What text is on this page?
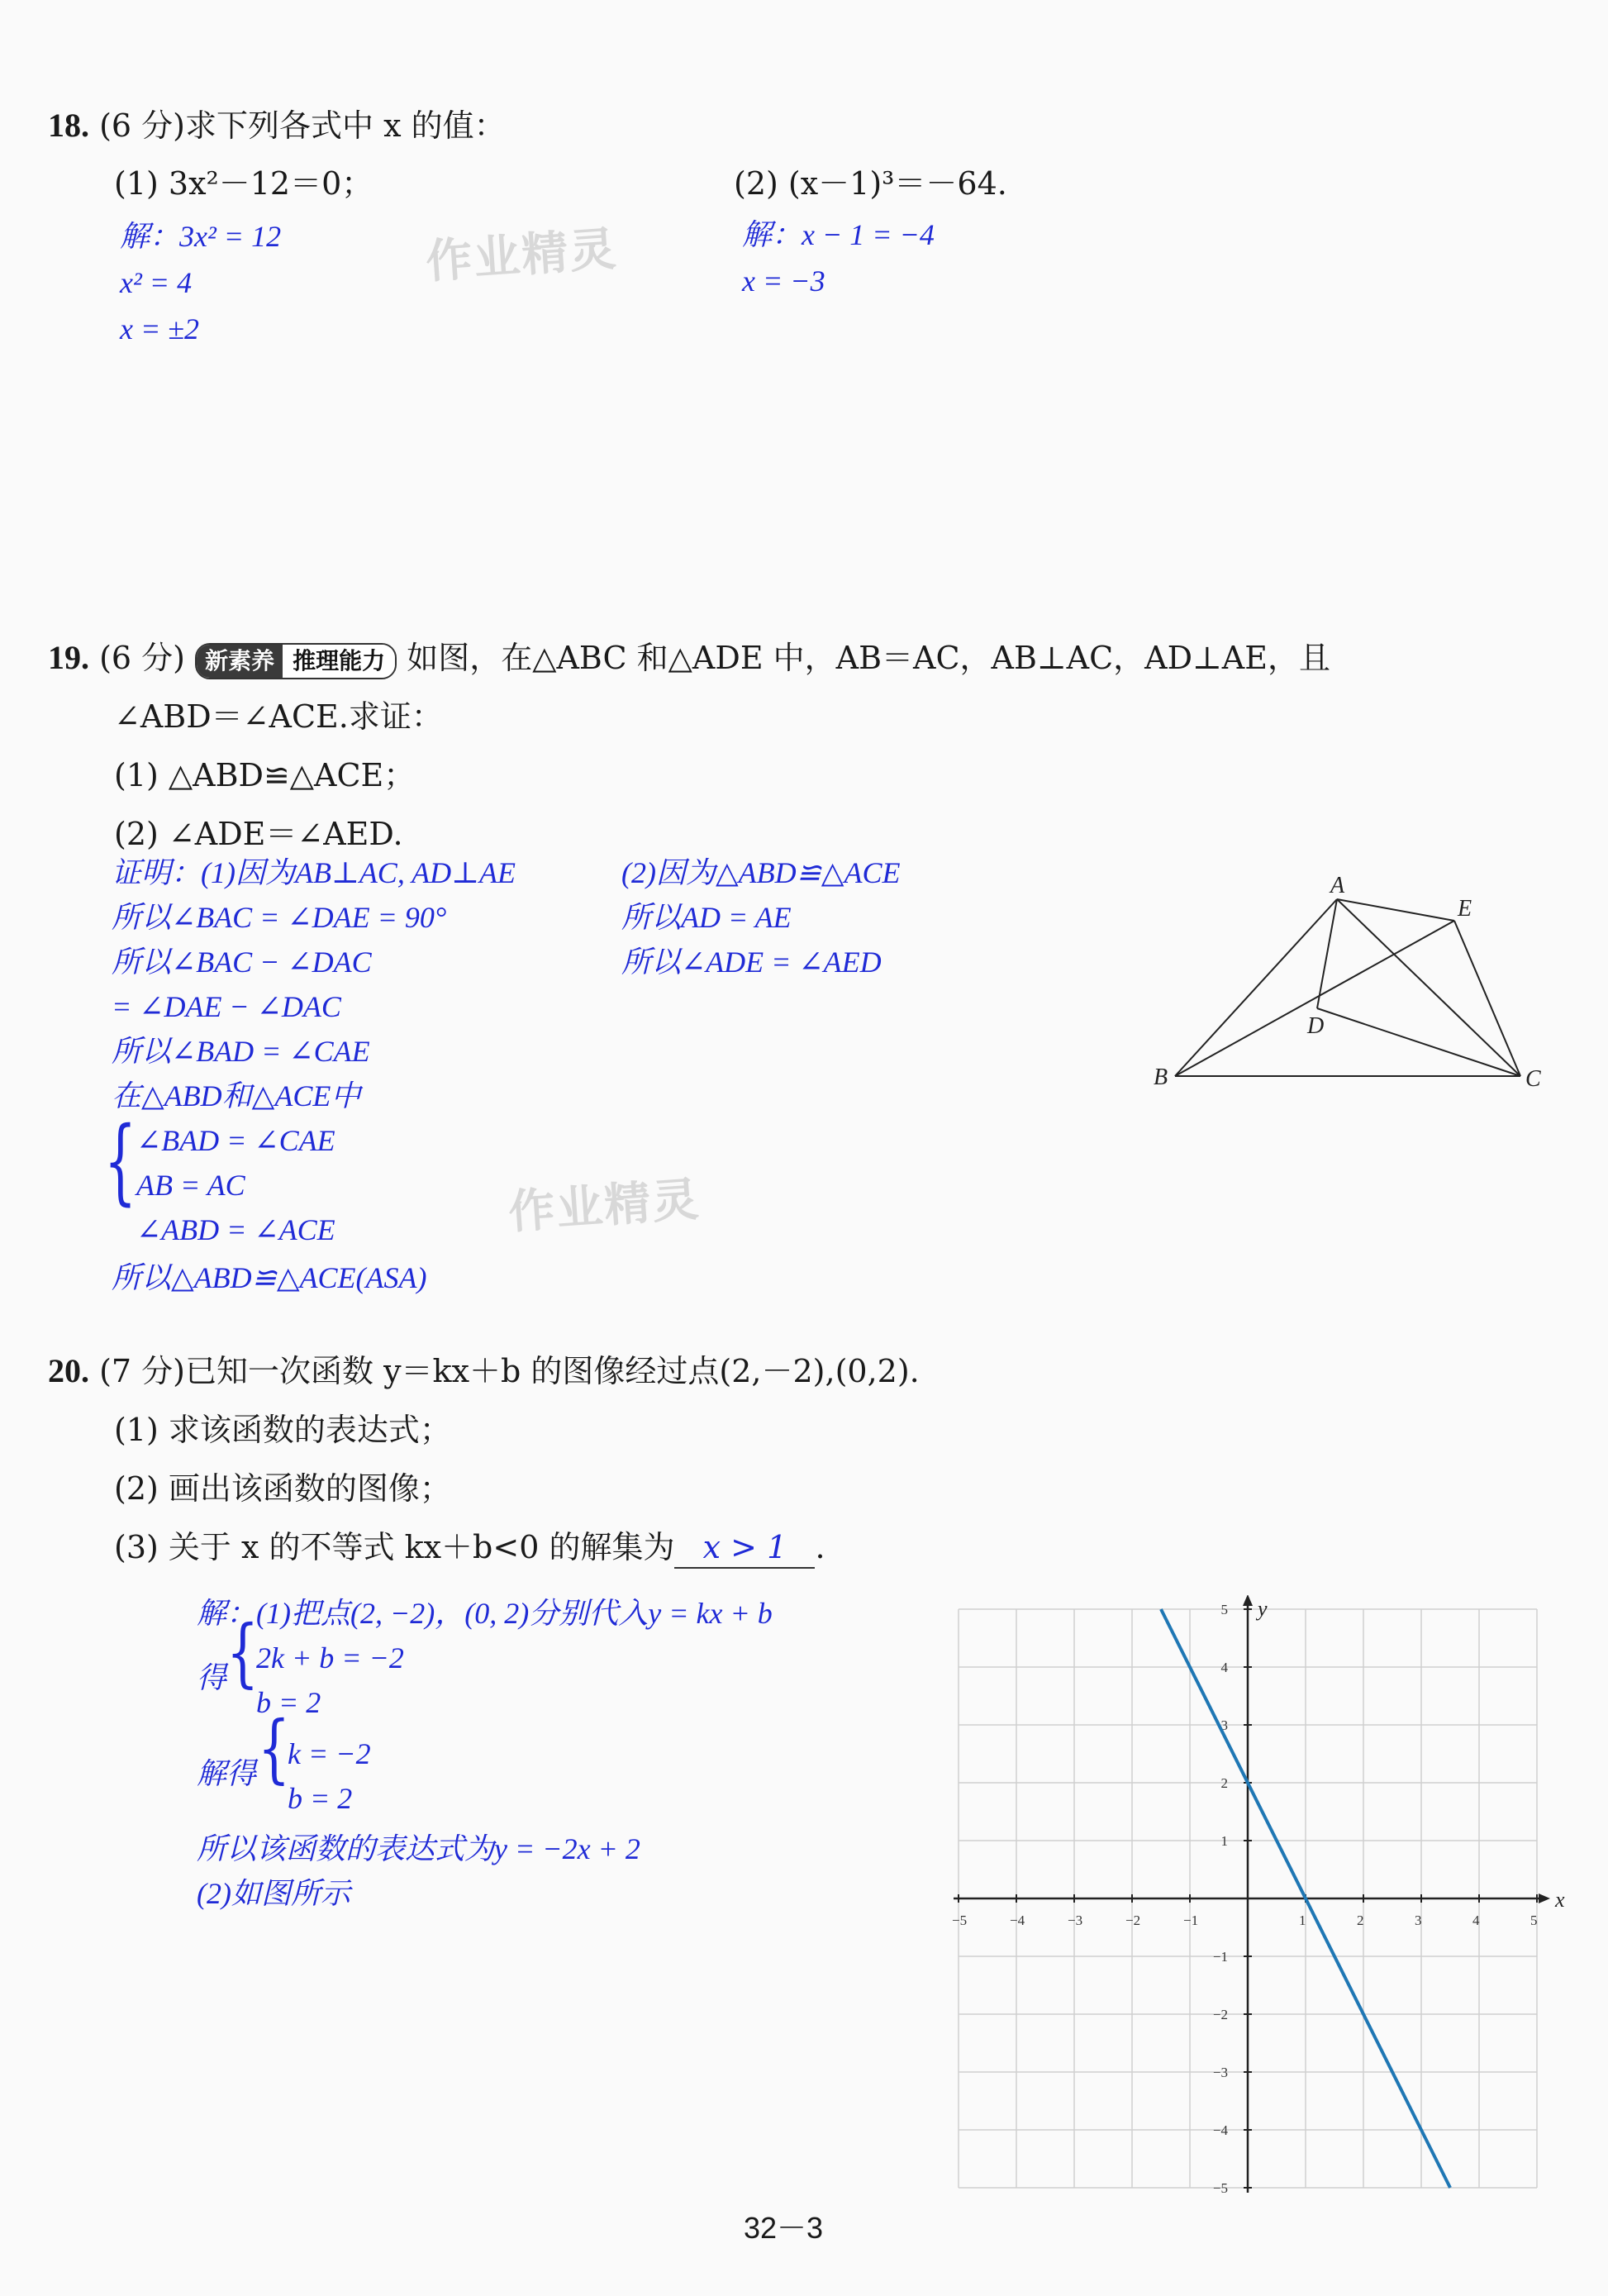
作业精灵
作业精灵
18. (6 分)求下列各式中 x 的值：
(1) 3x²－12＝0；	(2) (x－1)³＝－64.
解：3x² = 12
x² = 4
x = ±2
解：x − 1 = −4
x = −3
19. (6 分) 新素养 推理能力 如图，在△ABC 和△ADE 中，AB＝AC，AB⊥AC，AD⊥AE，且
∠ABD＝∠ACE.求证：
(1) △ABD≌△ACE；
(2) ∠ADE＝∠AED.
证明：(1)因为AB⊥AC, AD⊥AE
所以∠BAC = ∠DAE = 90°
所以∠BAC − ∠DAC
= ∠DAE − ∠DAC
所以∠BAD = ∠CAE
在△ABD和△ACE中
{ ∠BAD = ∠CAE
AB = AC
∠ABD = ∠ACE
所以△ABD≌△ACE(ASA)
(2)因为△ABD≌△ACE
所以AD = AE
所以∠ADE = ∠AED
A
B	C
D
E
20. (7 分)已知一次函数 y＝kx＋b 的图像经过点(2,－2),(0,2).
(1) 求该函数的表达式；
(2) 画出该函数的图像；
(3) 关于 x 的不等式 kx＋b<0 的解集为 x > 1 .
解：(1)把点(2, −2)，(0, 2)分别代入y = kx + b
得 {
2k + b = −2
b = 2
解得 {
k = −2
b = 2
所以该函数的表达式为y = −2x + 2
(2)如图所示	x
y
−5	−4	−3	−2	−1	1	2	3	4	5
−5
−4
−3
−2
−1
1
2
3
4
5
32－3
